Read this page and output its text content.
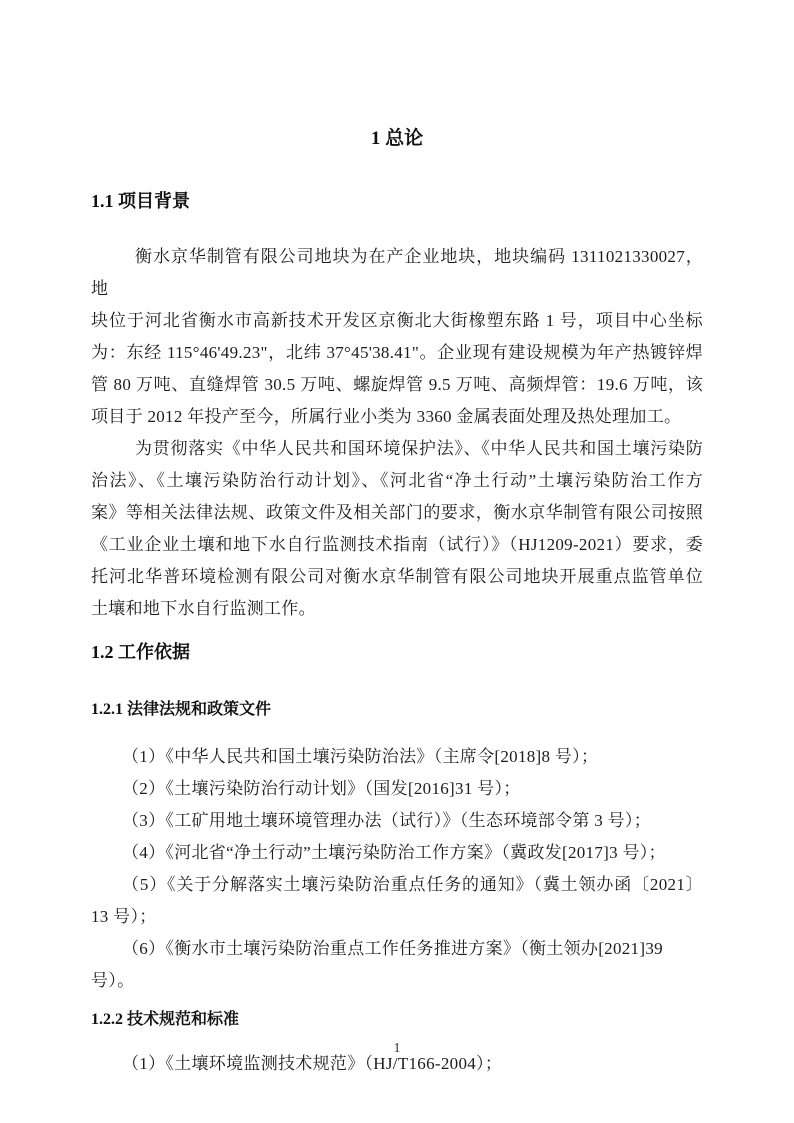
1 总论
1.1 项目背景

衡水京华制管有限公司地块为在产企业地块，地块编码 1311021330027，地

块位于河北省衡水市高新技术开发区京衡北大街橡塑东路 1 号，项目中心坐标

为：东经 115°46'49.23"，北纬 37°45'38.41"。企业现有建设规模为年产热镀锌焊

管 80 万吨、直缝焊管 30.5 万吨、螺旋焊管 9.5 万吨、高频焊管：19.6 万吨，该

项目于 2012 年投产至今，所属行业小类为 3360 金属表面处理及热处理加工。

为贯彻落实《中华人民共和国环境保护法》、《中华人民共和国土壤污染防

治法》、《土壤污染防治行动计划》、《河北省“净土行动”土壤污染防治工作方

案》等相关法律法规、政策文件及相关部门的要求，衡水京华制管有限公司按照

《工业企业土壤和地下水自行监测技术指南（试行）》（HJ1209-2021）要求，委

托河北华普环境检测有限公司对衡水京华制管有限公司地块开展重点监管单位

土壤和地下水自行监测工作。

1.2 工作依据
1.2.1 法律法规和政策文件

（1）《中华人民共和国土壤污染防治法》（主席令[2018]8 号）；

（2）《土壤污染防治行动计划》（国发[2016]31 号）；

（3）《工矿用地土壤环境管理办法（试行）》（生态环境部令第 3 号）；

（4）《河北省“净土行动”土壤污染防治工作方案》（冀政发[2017]3 号）；

（5）《关于分解落实土壤污染防治重点任务的通知》（冀土领办函〔2021〕

13 号）；

（6）《衡水市土壤污染防治重点工作任务推进方案》（衡土领办[2021]39 号）。

1.2.2 技术规范和标准

（1）《土壤环境监测技术规范》（HJ/T166-2004）；

1
